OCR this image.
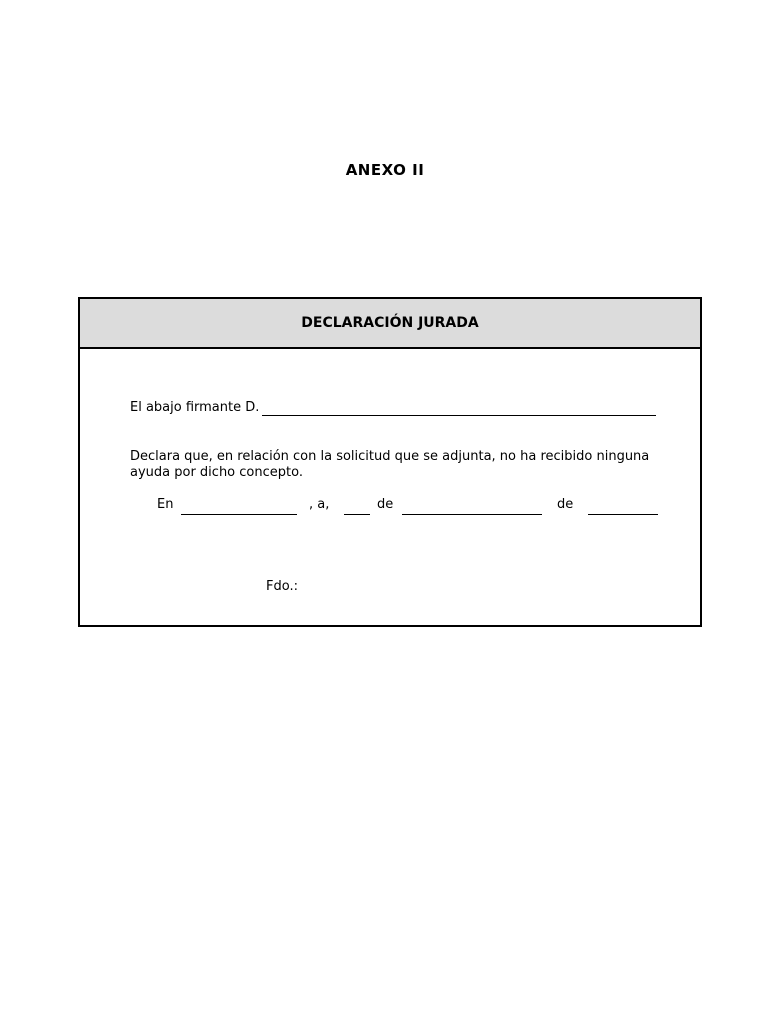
ANEXO II
DECLARACIÓN JURADA
El abajo firmante D.
Declara que, en relación con la solicitud que se adjunta, no ha recibido ninguna ayuda por dicho concepto.
En	, a,	de	de
Fdo.:
